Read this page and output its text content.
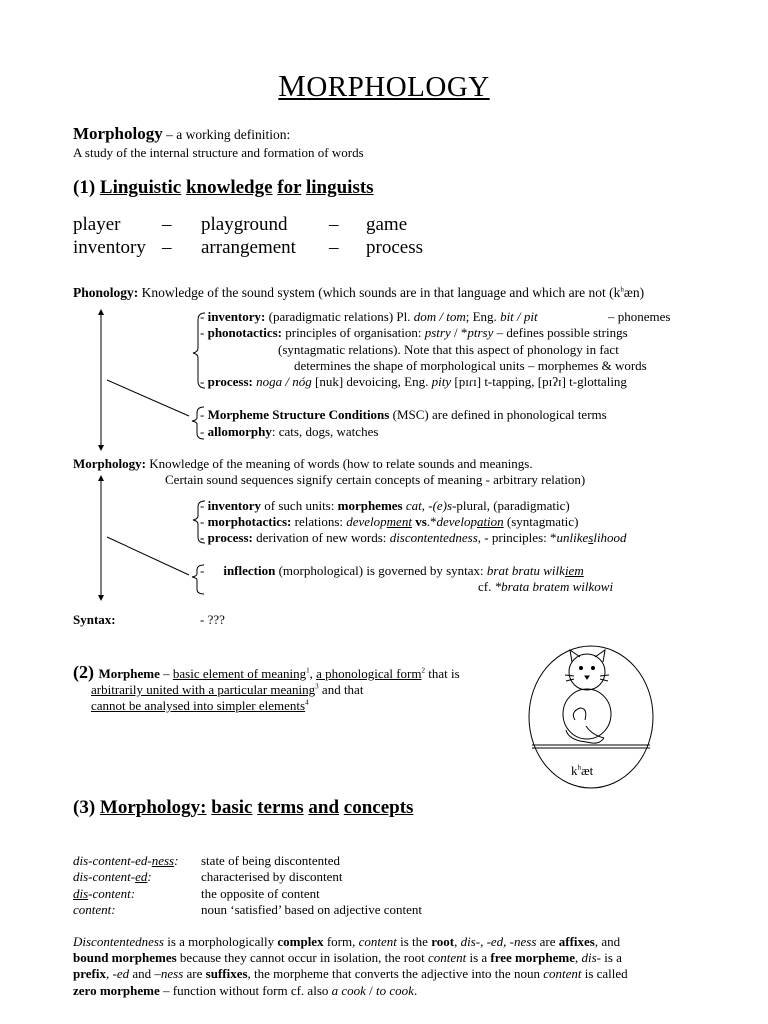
MORPHOLOGY
Morphology – a working definition:
A study of the internal structure and formation of words
(1) Linguistic knowledge for linguists
player – playground – game
inventory – arrangement – process
Phonology: Knowledge of the sound system (which sounds are in that language and which are not $(k^hæn)$
- inventory: (paradigmatic relations) Pl. dom / tom; Eng. bit / pit	– phonemes
- phonotactics: principles of organisation: pstry / *ptrsy – defines possible strings
(syntagmatic relations). Note that this aspect of phonology in fact
determines the shape of morphological units – morphemes & words
- process: noga / nóg [nuk] devoicing, Eng. pity [pɪɾɪ] t-tapping, [pɪʔɪ] t-glottaling
- Morpheme Structure Conditions (MSC) are defined in phonological terms
- allomorphy: cats, dogs, watches
Morphology: Knowledge of the meaning of words (how to relate sounds and meanings.
Certain sound sequences signify certain concepts of meaning - arbitrary relation)
- inventory of such units: morphemes cat, -(e)s-plural, (paradigmatic)
- morphotactics: relations: development vs.*developation (syntagmatic)
- process: derivation of new words: discontentedness, - principles: *unlikeslihood
- inflection (morphological) is governed by syntax: brat bratu wilkiem
cf. *brata bratem wilkowi
Syntax:	- ???
(2) Morpheme – basic element of meaning$^1$, a phonological form$^2$ that is
arbitrarily united with a particular meaning$^3$ and that
cannot be analysed into simpler elements$^4$
$k^hæt$
(3) Morphology: basic terms and concepts
dis-content-ed-ness: state of being discontented
dis-content-ed:	characterised by discontent
dis-content:	the opposite of content
content:	noun ‘satisfied’ based on adjective content
Discontentedness is a morphologically complex form, content is the root, dis-, -ed, -ness are affixes, and
bound morphemes because they cannot occur in isolation, the root content is a free morpheme, dis- is a
prefix, -ed and –ness are suffixes, the morpheme that converts the adjective into the noun content is called
zero morpheme – function without form cf. also a cook / to cook.
